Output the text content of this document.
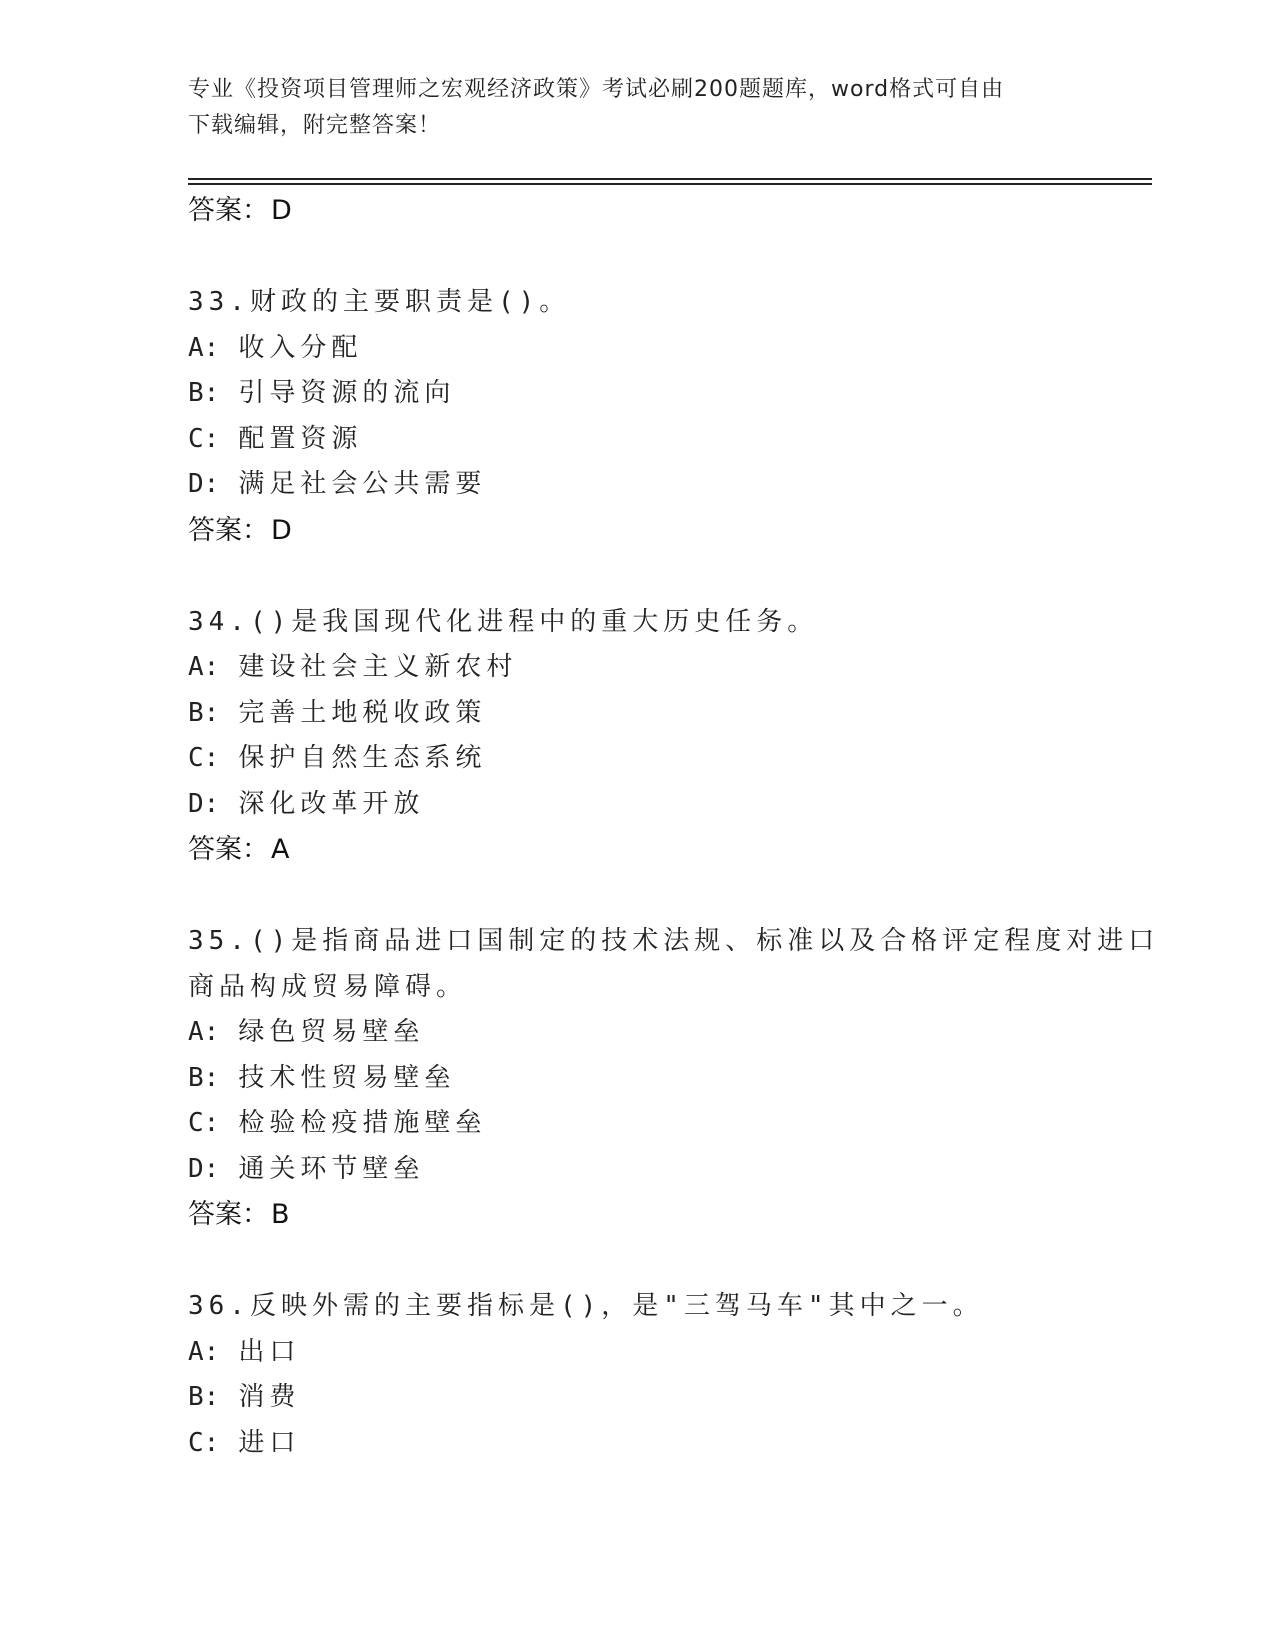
专业《投资项目管理师之宏观经济政策》考试必刷200题题库，word格式可自由
下载编辑，附完整答案！
答案：D
33.财政的主要职责是()。
A: 收入分配
B: 引导资源的流向
C: 配置资源
D: 满足社会公共需要
答案：D
34.()是我国现代化进程中的重大历史任务。
A: 建设社会主义新农村
B: 完善土地税收政策
C: 保护自然生态系统
D: 深化改革开放
答案：A
35.()是指商品进口国制定的技术法规、标准以及合格评定程度对进口
商品构成贸易障碍。
A: 绿色贸易壁垒
B: 技术性贸易壁垒
C: 检验检疫措施壁垒
D: 通关环节壁垒
答案：B
36.反映外需的主要指标是()，是"三驾马车"其中之一。
A: 出口
B: 消费
C: 进口
